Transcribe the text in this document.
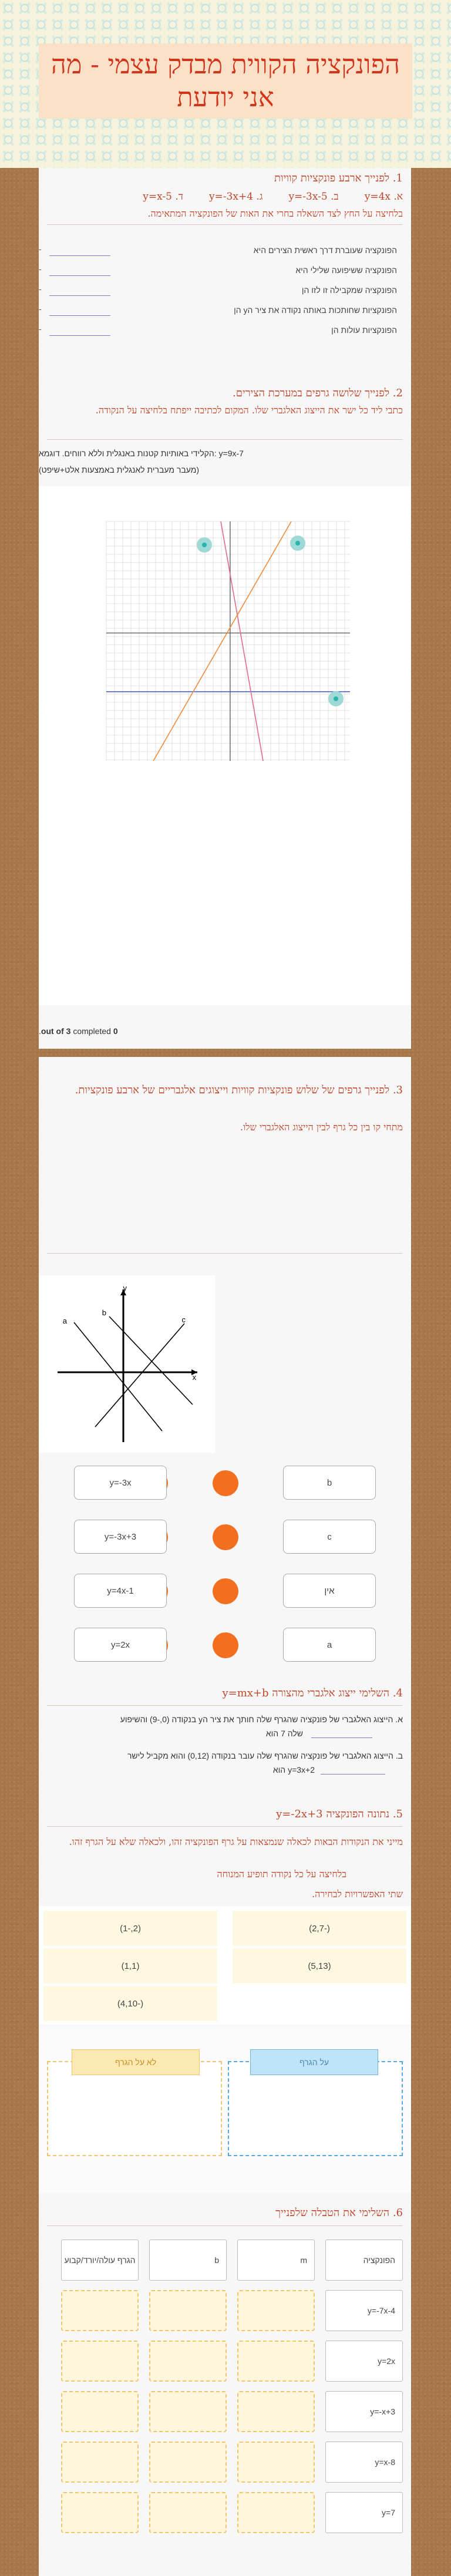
הפונקציה הקווית מבדק עצמי - מה אני יודעת
1. לפנייך ארבע פונקציות קוויות
א. y=4x
ב. y=-3x-5
ג. y=-3x+4
ד. y=x-5
בלחיצה על החץ לצד השאלה בחרי את האות של הפונקציה המתאימה.
הפונקציה שעוברת דרך ראשית הצירים היא
-
הפונקציה ששיפועה שלילי היא
-
הפונקציה שמקבילה זו לזו הן
-
הפונקציות שחותכות באותה נקודה את ציר הy הן
-
הפונקציות עולות הן
-
2. לפנייך שלושה גרפים במערכת הצירים.
כתבי ליד כל ישר את הייצוג האלגברי שלו. המקום לכתיבה ייפתח בלחיצה על הנקודה.
הקלידי באותיות קטנות באנגלית וללא רווחים. דוגמא: y=9x-7
(מעבר מעברית לאנגלית באמצעות אלט+שיפט)
0 out of 3 completed.
3. לפנייך גרפים של שלוש פונקציות קוויות וייצוגים אלגבריים של ארבע פונקציות.
מתחי קו בין כל גרף לבין הייצוג האלגברי שלו.
a
b
c
x
y
b
y=-3x
c
y=-3x+3
אין
y=4x-1
a
y=2x
4. השלימי ייצוג אלגברי מהצורה y=mx+b
א. הייצוג האלגברי של פונקציה שהגרף שלה חותך את ציר הy בנקודה (0,-9) והשיפוע
שלה 7 הוא
ב. הייצוג האלגברי של פונקציה שהגרף שלה עובר בנקודה (0,12) והוא מקביל לישר
y=3x+2 הוא
5. נתונה הפונקציה y=-2x+3
מייני את הנקודות הבאות לכאלה שנמצאות על גרף הפונקציה זהו, ולכאלה שלא על הגרף זהו.
בלחיצה על כל נקודה תופיע המנוחה
שתי האפשרויות לבחירה.
(-2,7)
(2,-1)
(5,13)
(1,1)
(-4,10)
על הגרף
לא על הגרף
6. השלימי את הטבלה שלפנייך
הפונקציה
m
b
הגרף עולה/יורד/קבוע
y=-7x-4
y=2x
y=-x+3
y=x-8
y=7
